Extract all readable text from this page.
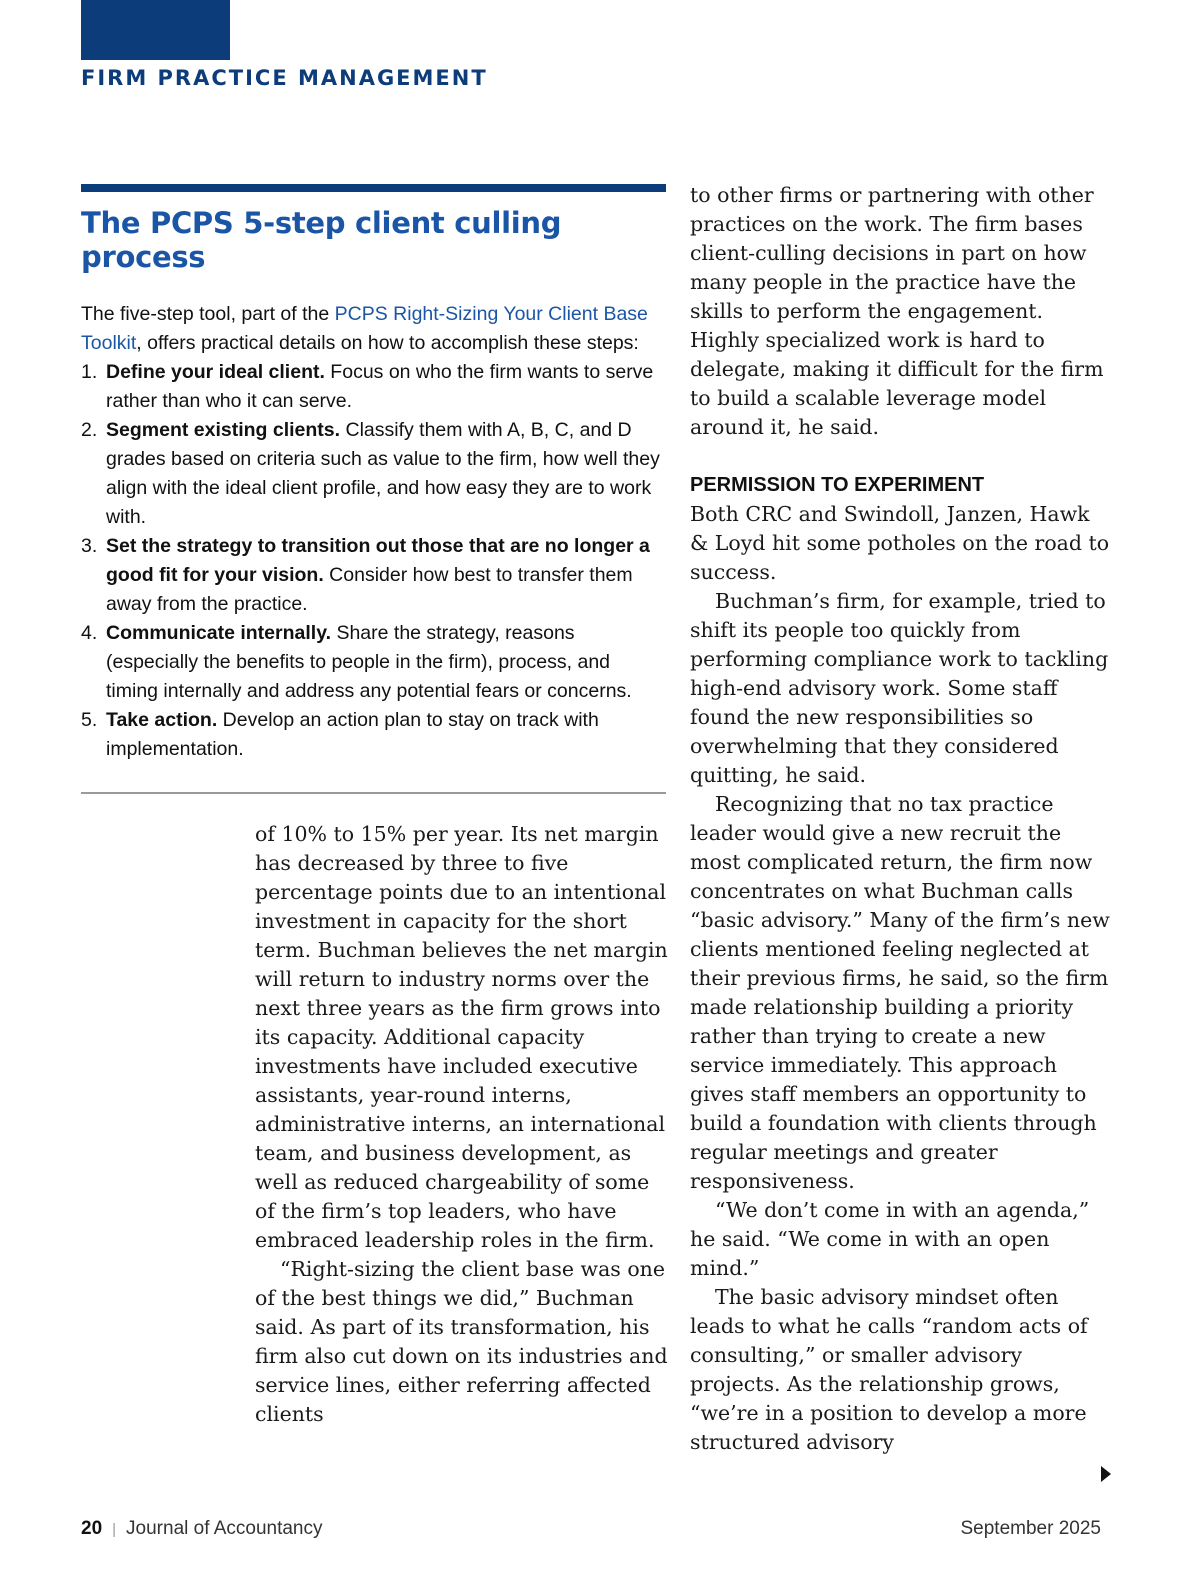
FIRM PRACTICE MANAGEMENT
The PCPS 5-step client culling process

The five-step tool, part of the PCPS Right-Sizing Your Client Base Toolkit, offers practical details on how to accomplish these steps:

1. Define your ideal client. Focus on who the firm wants to serve rather than who it can serve.
2. Segment existing clients. Classify them with A, B, C, and D grades based on criteria such as value to the firm, how well they align with the ideal client profile, and how easy they are to work with.
3. Set the strategy to transition out those that are no longer a good fit for your vision. Consider how best to transfer them away from the practice.
4. Communicate internally. Share the strategy, reasons (especially the benefits to people in the firm), process, and timing internally and address any potential fears or concerns.
5. Take action. Develop an action plan to stay on track with implementation.

of 10% to 15% per year. Its net margin has decreased by three to five percentage points due to an intentional investment in capacity for the short term. Buchman believes the net margin will return to industry norms over the next three years as the firm grows into its capacity. Additional capacity investments have included executive assistants, year-round interns, administrative interns, an international team, and business development, as well as reduced chargeability of some of the firm’s top leaders, who have embraced leadership roles in the firm.

“Right-sizing the client base was one of the best things we did,” Buchman said. As part of its transformation, his firm also cut down on its industries and service lines, either referring affected clients

to other firms or partnering with other practices on the work. The firm bases client-culling decisions in part on how many people in the practice have the skills to perform the engagement. Highly specialized work is hard to delegate, making it difficult for the firm to build a scalable leverage model around it, he said.

PERMISSION TO EXPERIMENT

Both CRC and Swindoll, Janzen, Hawk & Loyd hit some potholes on the road to success.

Buchman’s firm, for example, tried to shift its people too quickly from performing compliance work to tackling high-end advisory work. Some staff found the new responsibilities so overwhelming that they considered quitting, he said.

Recognizing that no tax practice leader would give a new recruit the most complicated return, the firm now concentrates on what Buchman calls “basic advisory.” Many of the firm’s new clients mentioned feeling neglected at their previous firms, he said, so the firm made relationship building a priority rather than trying to create a new service immediately. This approach gives staff members an opportunity to build a foundation with clients through regular meetings and greater responsiveness.

“We don’t come in with an agenda,” he said. “We come in with an open mind.”

The basic advisory mindset often leads to what he calls “random acts of consulting,” or smaller advisory projects. As the relationship grows, “we’re in a position to develop a more structured advisory

20 | Journal of Accountancy	September 2025
